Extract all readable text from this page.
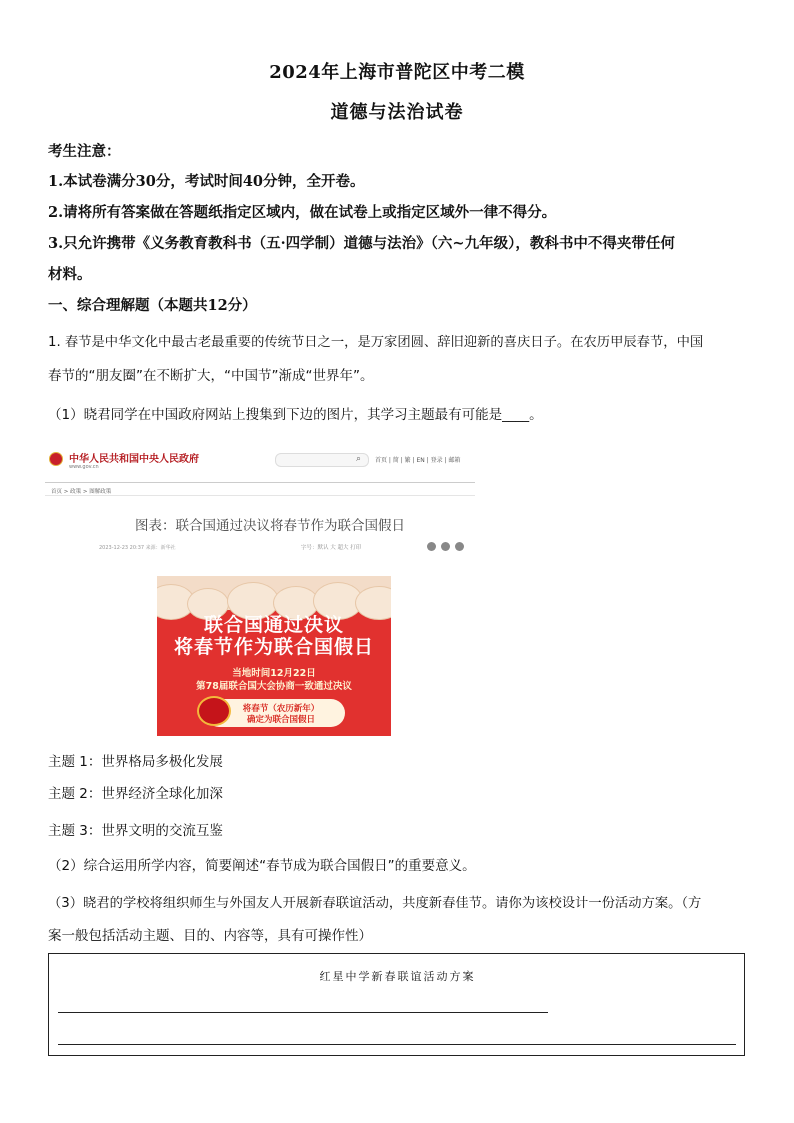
2024年上海市普陀区中考二模
道德与法治试卷
考生注意：
1.本试卷满分30分，考试时间40分钟，全开卷。
2.请将所有答案做在答题纸指定区域内，做在试卷上或指定区域外一律不得分。
3.只允许携带《义务教育教科书（五·四学制）道德与法治》（六~九年级），教科书中不得夹带任何
材料。
一、综合理解题（本题共12分）
1. 春节是中华文化中最古老最重要的传统节日之一，是万家团圆、辞旧迎新的喜庆日子。在农历甲辰春节，中国
春节的“朋友圈”在不断扩大，“中国节”渐成“世界年”。
（1）晓君同学在中国政府网站上搜集到下边的图片，其学习主题最有可能是____。
中华人民共和国中央人民政府
www.gov.cn
⌕ 首页 | 简 | 繁 | EN | 登录 | 邮箱
首页 > 政策 > 图解政策
图表：联合国通过决议将春节作为联合国假日
2023-12-23 20:37 来源：新华社	字号：默认 大 超大 打印
联合国通过决议
将春节作为联合国假日
当地时间12月22日
第78届联合国大会协商一致通过决议
将春节（农历新年）
确定为联合国假日
主题 1：世界格局多极化发展
主题 2：世界经济全球化加深
主题 3：世界文明的交流互鉴
（2）综合运用所学内容，简要阐述“春节成为联合国假日”的重要意义。
（3）晓君的学校将组织师生与外国友人开展新春联谊活动，共度新春佳节。请你为该校设计一份活动方案。（方
案一般包括活动主题、目的、内容等，具有可操作性）
红星中学新春联谊活动方案
